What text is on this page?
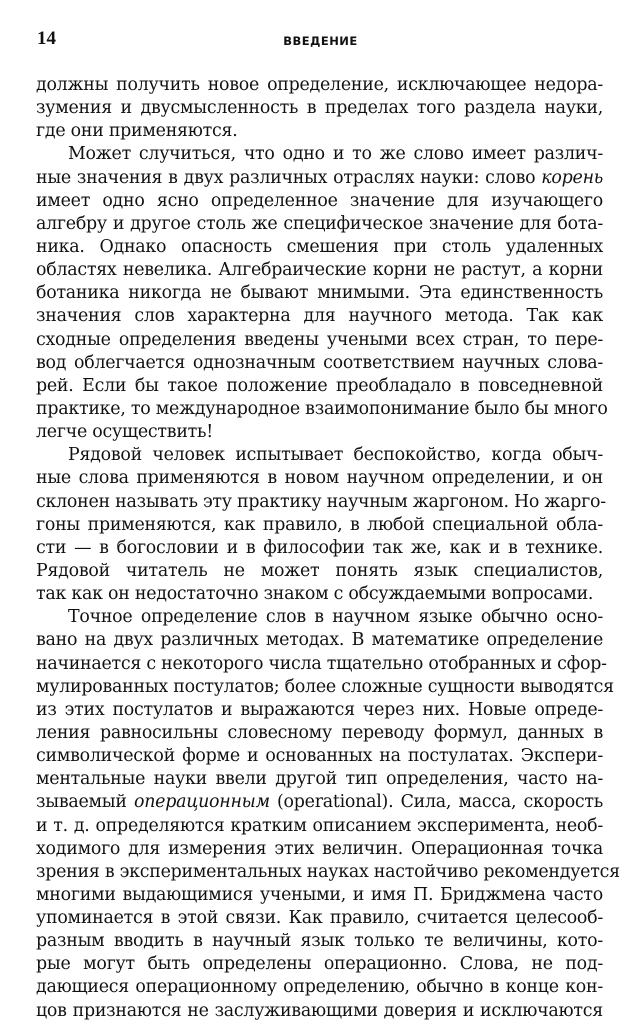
14	ВВЕДЕНИЕ
должны получить новое определение, исключающее недора-
зумения и двусмысленность в пределах того раздела науки,
где они применяются.
Может случиться, что одно и то же слово имеет различ-
ные значения в двух различных отраслях науки: слово корень
имеет одно ясно определенное значение для изучающего
алгебру и другое столь же специфическое значение для бота-
ника. Однако опасность смешения при столь удаленных
областях невелика. Алгебраические корни не растут, а корни
ботаника никогда не бывают мнимыми. Эта единственность
значения слов характерна для научного метода. Так как
сходные определения введены учеными всех стран, то пере-
вод облегчается однозначным соответствием научных слова-
рей. Если бы такое положение преобладало в повседневной
практике, то международное взаимопонимание было бы много
легче осуществить!
Рядовой человек испытывает беспокойство, когда обыч-
ные слова применяются в новом научном определении, и он
склонен называть эту практику научным жаргоном. Но жарго-
гоны применяются, как правило, в любой специальной обла-
сти — в богословии и в философии так же, как и в технике.
Рядовой читатель не может понять язык специалистов,
так как он недостаточно знаком с обсуждаемыми вопросами.
Точное определение слов в научном языке обычно осно-
вано на двух различных методах. В математике определение
начинается с некоторого числа тщательно отобранных и сфор-
мулированных постулатов; более сложные сущности выводятся
из этих постулатов и выражаются через них. Новые опреде-
ления равносильны словесному переводу формул, данных в
символической форме и основанных на постулатах. Экспери-
ментальные науки ввели другой тип определения, часто на-
зываемый операционным (operational). Сила, масса, скорость
и т. д. определяются кратким описанием эксперимента, необ-
ходимого для измерения этих величин. Операционная точка
зрения в экспериментальных науках настойчиво рекомендуется
многими выдающимися учеными, и имя П. Бриджмена часто
упоминается в этой связи. Как правило, считается целесооб-
разным вводить в научный язык только те величины, кото-
рые могут быть определены операционно. Слова, не под-
дающиеся операционному определению, обычно в конце кон-
цов признаются не заслуживающими доверия и исключаются
